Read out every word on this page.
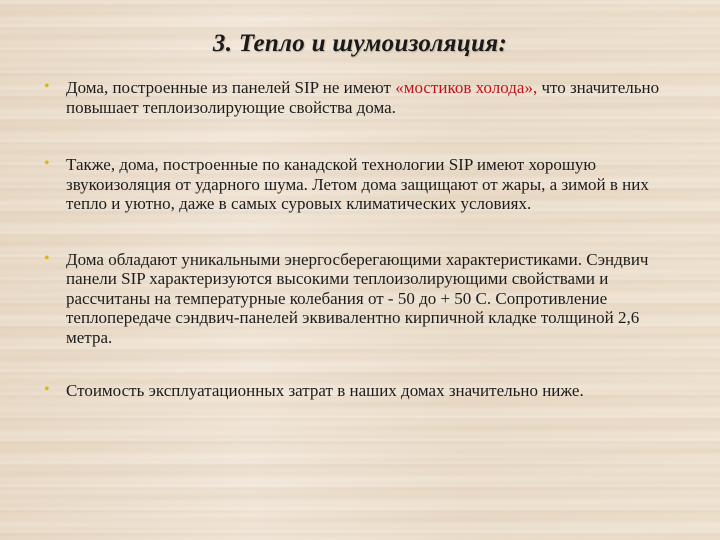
3. Тепло и шумоизоляция:
• Дома, построенные из панелей SIP не имеют «мостиков холода», что значительно повышает теплоизолирующие свойства дома.
• Также, дома, построенные по канадской технологии SIP имеют хорошую звукоизоляция от ударного шума. Летом дома защищают от жары, а зимой в них тепло и уютно, даже в самых суровых климатических условиях.
• Дома обладают уникальными энергосберегающими характеристиками. Сэндвич панели SIP характеризуются высокими теплоизолирующими свойствами и рассчитаны на температурные колебания от - 50 до + 50 С. Сопротивление теплопередаче сэндвич-панелей эквивалентно кирпичной кладке толщиной 2,6 метра.
• Стоимость эксплуатационных затрат в наших домах значительно ниже.
